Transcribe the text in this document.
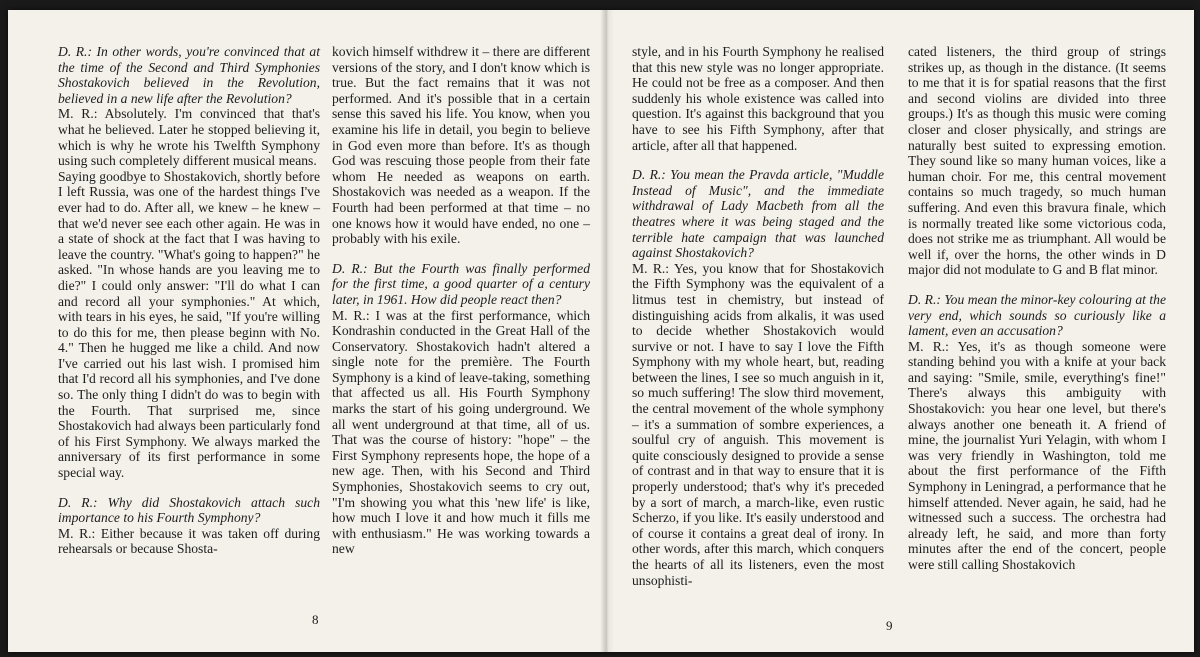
D. R.: In other words, you're convinced that at the time of the Second and Third Symphonies Shostakovich believed in the Revolution, believed in a new life after the Revolution?

M. R.: Absolutely. I'm convinced that that's what he believed. Later he stopped believing it, which is why he wrote his Twelfth Symphony using such completely different musical means.

Saying goodbye to Shostakovich, shortly before I left Russia, was one of the hardest things I've ever had to do. After all, we knew – he knew – that we'd never see each other again. He was in a state of shock at the fact that I was having to leave the country. "What's going to happen?" he asked. "In whose hands are you leaving me to die?" I could only answer: "I'll do what I can and record all your symphonies." At which, with tears in his eyes, he said, "If you're willing to do this for me, then please beginn with No. 4." Then he hugged me like a child. And now I've carried out his last wish. I promised him that I'd record all his symphonies, and I've done so. The only thing I didn't do was to begin with the Fourth. That surprised me, since Shostakovich had always been particularly fond of his First Symphony. We always marked the anniversary of its first performance in some special way.

D. R.: Why did Shostakovich attach such importance to his Fourth Symphony?

M. R.: Either because it was taken off during rehearsals or because Shosta-

kovich himself withdrew it – there are different versions of the story, and I don't know which is true. But the fact remains that it was not performed. And it's possible that in a certain sense this saved his life. You know, when you examine his life in detail, you begin to believe in God even more than before. It's as though God was rescuing those people from their fate whom He needed as weapons on earth. Shostakovich was needed as a weapon. If the Fourth had been performed at that time – no one knows how it would have ended, no one – probably with his exile.

D. R.: But the Fourth was finally performed for the first time, a good quarter of a century later, in 1961. How did people react then?

M. R.: I was at the first performance, which Kondrashin conducted in the Great Hall of the Conservatory. Shostakovich hadn't altered a single note for the première. The Fourth Symphony is a kind of leave-taking, something that affected us all. His Fourth Symphony marks the start of his going underground. We all went underground at that time, all of us. That was the course of history: "hope" – the First Symphony represents hope, the hope of a new age. Then, with his Second and Third Symphonies, Shostakovich seems to cry out, "I'm showing you what this 'new life' is like, how much I love it and how much it fills me with enthusiasm." He was working towards a new

8

style, and in his Fourth Symphony he realised that this new style was no longer appropriate. He could not be free as a composer. And then suddenly his whole existence was called into question. It's against this background that you have to see his Fifth Symphony, after that article, after all that happened.

D. R.: You mean the Pravda article, "Muddle Instead of Music", and the immediate withdrawal of Lady Macbeth from all the theatres where it was being staged and the terrible hate campaign that was launched against Shostakovich?

M. R.: Yes, you know that for Shostakovich the Fifth Symphony was the equivalent of a litmus test in chemistry, but instead of distinguishing acids from alkalis, it was used to decide whether Shostakovich would survive or not. I have to say I love the Fifth Symphony with my whole heart, but, reading between the lines, I see so much anguish in it, so much suffering! The slow third movement, the central movement of the whole symphony – it's a summation of sombre experiences, a soulful cry of anguish. This movement is quite consciously designed to provide a sense of contrast and in that way to ensure that it is properly understood; that's why it's preceded by a sort of march, a march-like, even rustic Scherzo, if you like. It's easily understood and of course it contains a great deal of irony. In other words, after this march, which conquers the hearts of all its listeners, even the most unsophisti-

cated listeners, the third group of strings strikes up, as though in the distance. (It seems to me that it is for spatial reasons that the first and second violins are divided into three groups.) It's as though this music were coming closer and closer physically, and strings are naturally best suited to expressing emotion. They sound like so many human voices, like a human choir. For me, this central movement contains so much tragedy, so much human suffering. And even this bravura finale, which is normally treated like some victorious coda, does not strike me as triumphant. All would be well if, over the horns, the other winds in D major did not modulate to G and B flat minor.

D. R.: You mean the minor-key colouring at the very end, which sounds so curiously like a lament, even an accusation?

M. R.: Yes, it's as though someone were standing behind you with a knife at your back and saying: "Smile, smile, everything's fine!" There's always this ambiguity with Shostakovich: you hear one level, but there's always another one beneath it. A friend of mine, the journalist Yuri Yelagin, with whom I was very friendly in Washington, told me about the first performance of the Fifth Symphony in Leningrad, a performance that he himself attended. Never again, he said, had he witnessed such a success. The orchestra had already left, he said, and more than forty minutes after the end of the concert, people were still calling Shostakovich

9
